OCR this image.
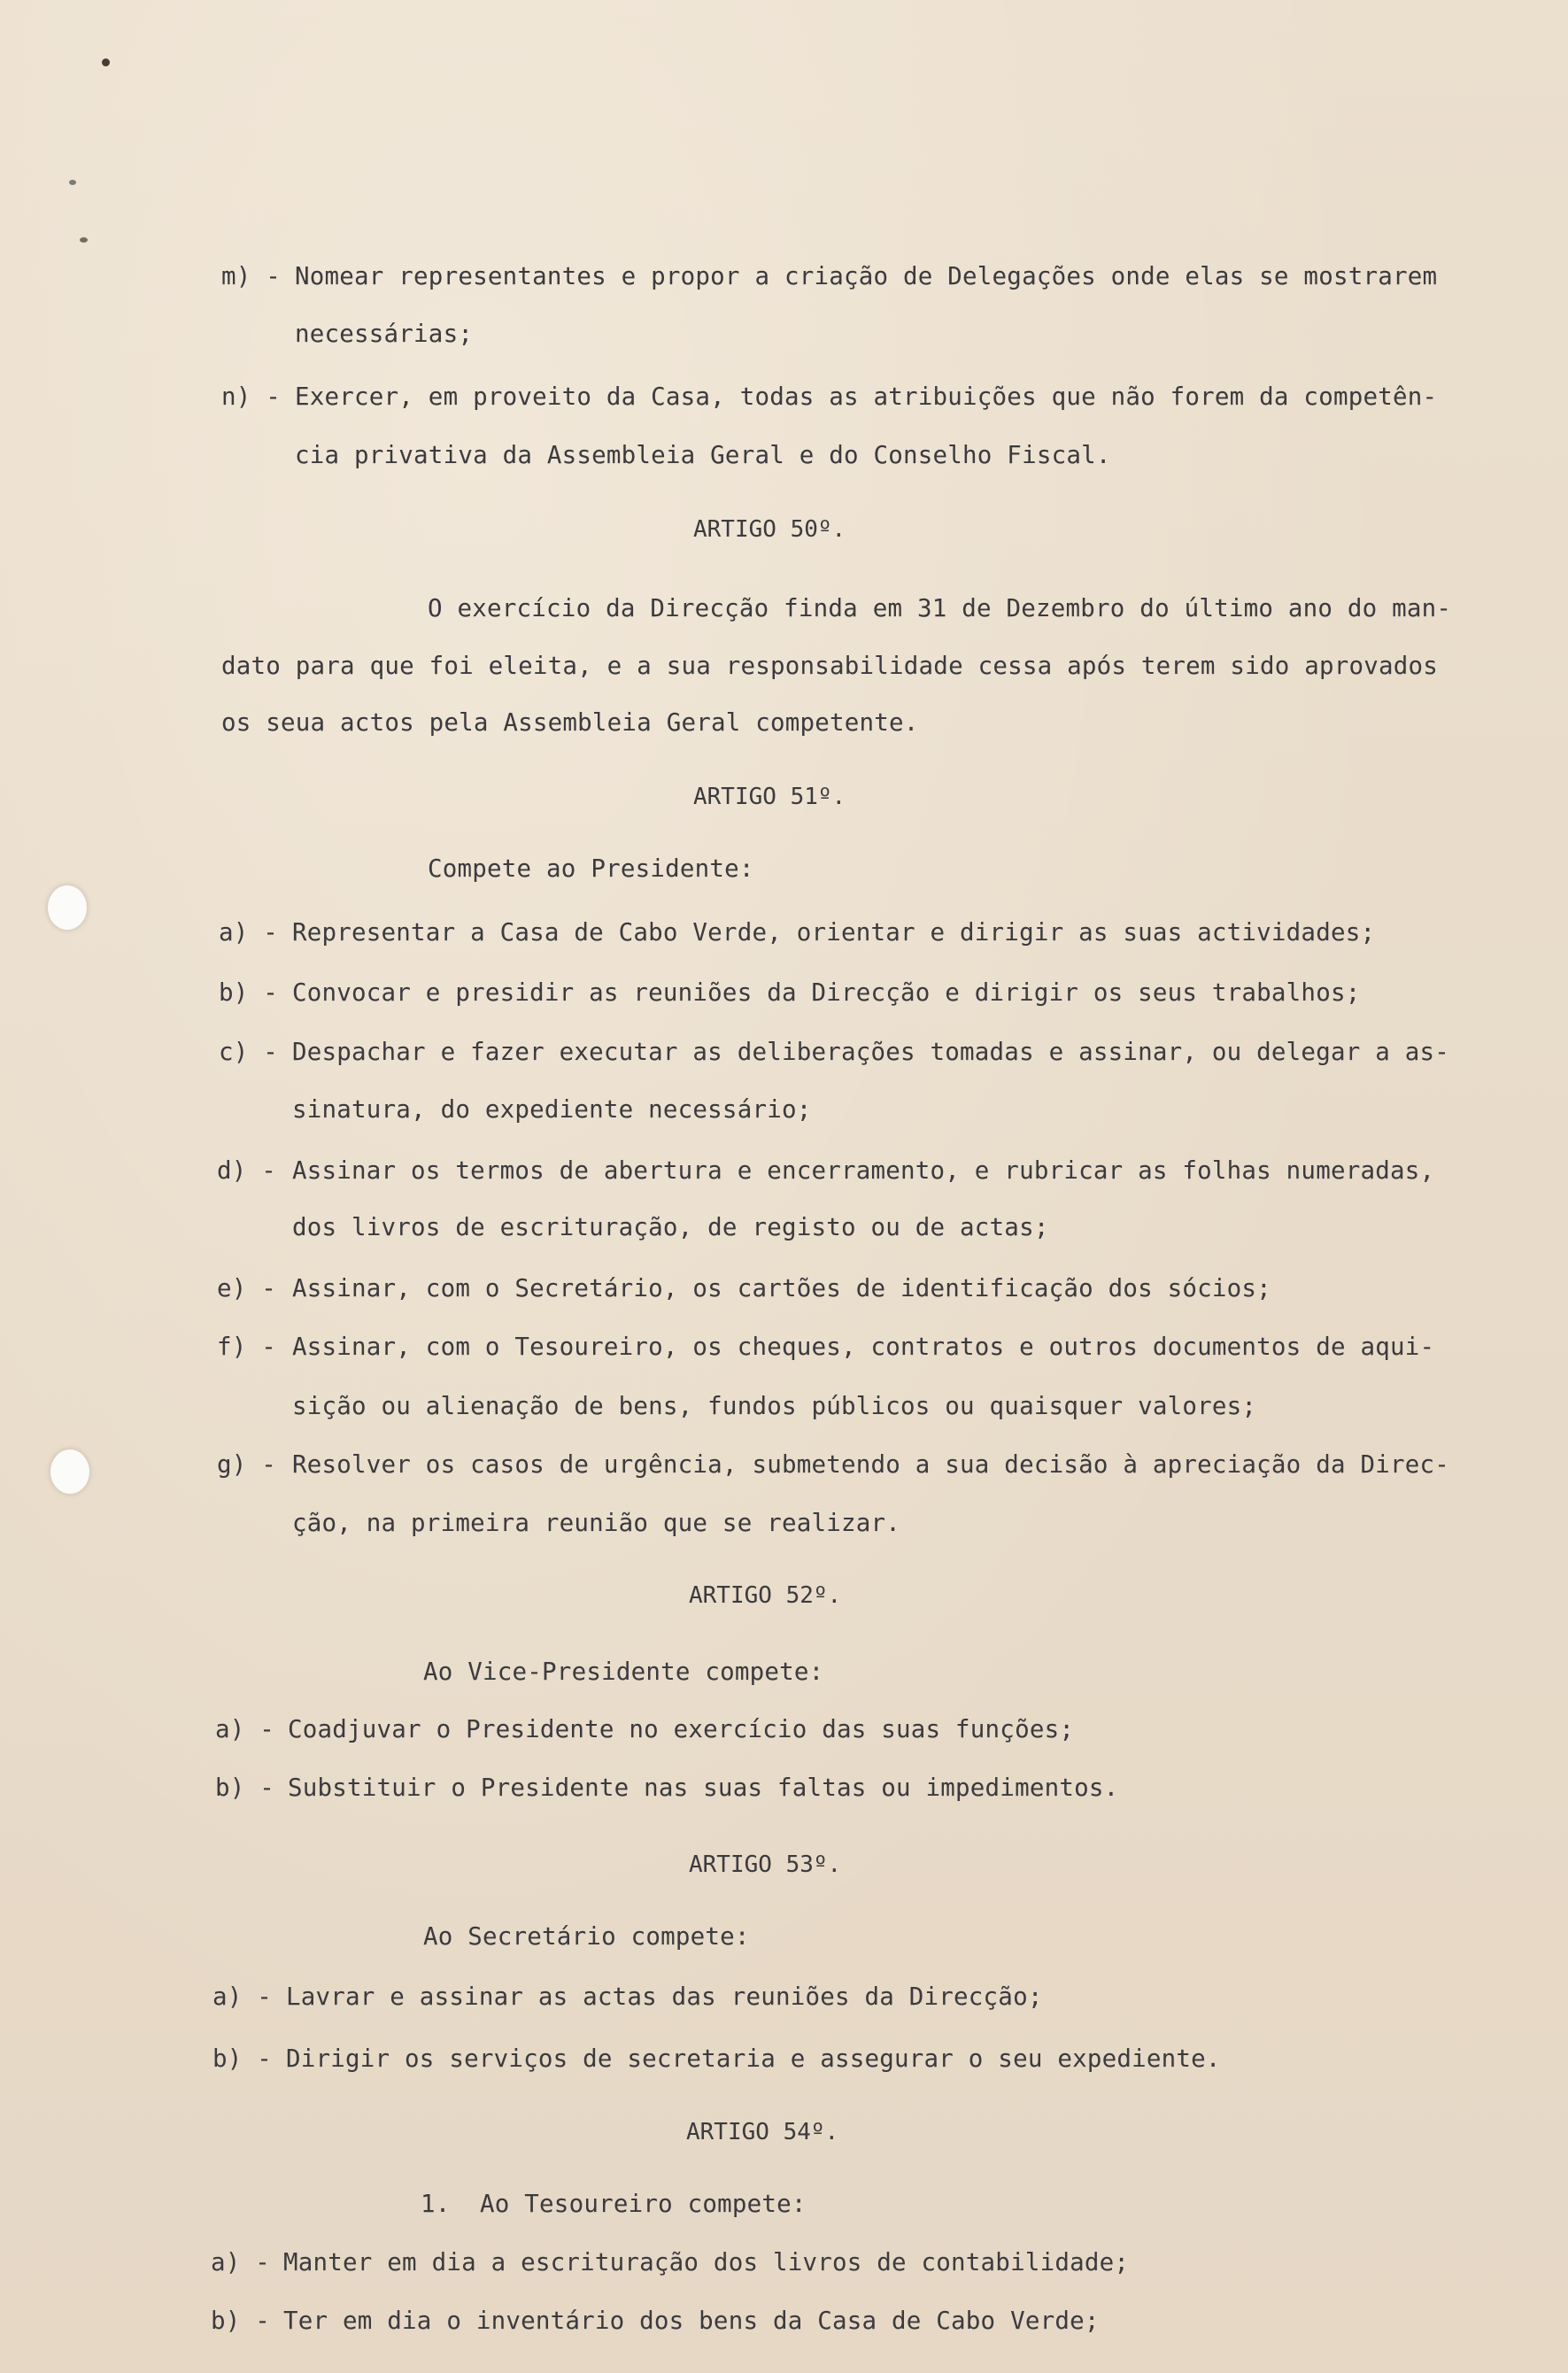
m) - Nomear representantes e propor a criação de Delegações onde elas se mostrarem
necessárias;
n) - Exercer, em proveito da Casa, todas as atribuições que não forem da competên-
cia privativa da Assembleia Geral e do Conselho Fiscal.
ARTIGO 50º.
O exercício da Direcção finda em 31 de Dezembro do último ano do man-
dato para que foi eleita, e a sua responsabilidade cessa após terem sido aprovados
os seua actos pela Assembleia Geral competente.
ARTIGO 51º.
Compete ao Presidente:
a) - Representar a Casa de Cabo Verde, orientar e dirigir as suas actividades;
b) - Convocar e presidir as reuniões da Direcção e dirigir os seus trabalhos;
c) - Despachar e fazer executar as deliberações tomadas e assinar, ou delegar a as-
sinatura, do expediente necessário;
d) - Assinar os termos de abertura e encerramento, e rubricar as folhas numeradas,
dos livros de escrituração, de registo ou de actas;
e) - Assinar, com o Secretário, os cartões de identificação dos sócios;
f) - Assinar, com o Tesoureiro, os cheques, contratos e outros documentos de aqui-
sição ou alienação de bens, fundos públicos ou quaisquer valores;
g) - Resolver os casos de urgência, submetendo a sua decisão à apreciação da Direc-
ção, na primeira reunião que se realizar.
ARTIGO 52º.
Ao Vice-Presidente compete:
a) - Coadjuvar o Presidente no exercício das suas funções;
b) - Substituir o Presidente nas suas faltas ou impedimentos.
ARTIGO 53º.
Ao Secretário compete:
a) - Lavrar e assinar as actas das reuniões da Direcção;
b) - Dirigir os serviços de secretaria e assegurar o seu expediente.
ARTIGO 54º.
1.  Ao Tesoureiro compete:
a) - Manter em dia a escrituração dos livros de contabilidade;
b) - Ter em dia o inventário dos bens da Casa de Cabo Verde;
